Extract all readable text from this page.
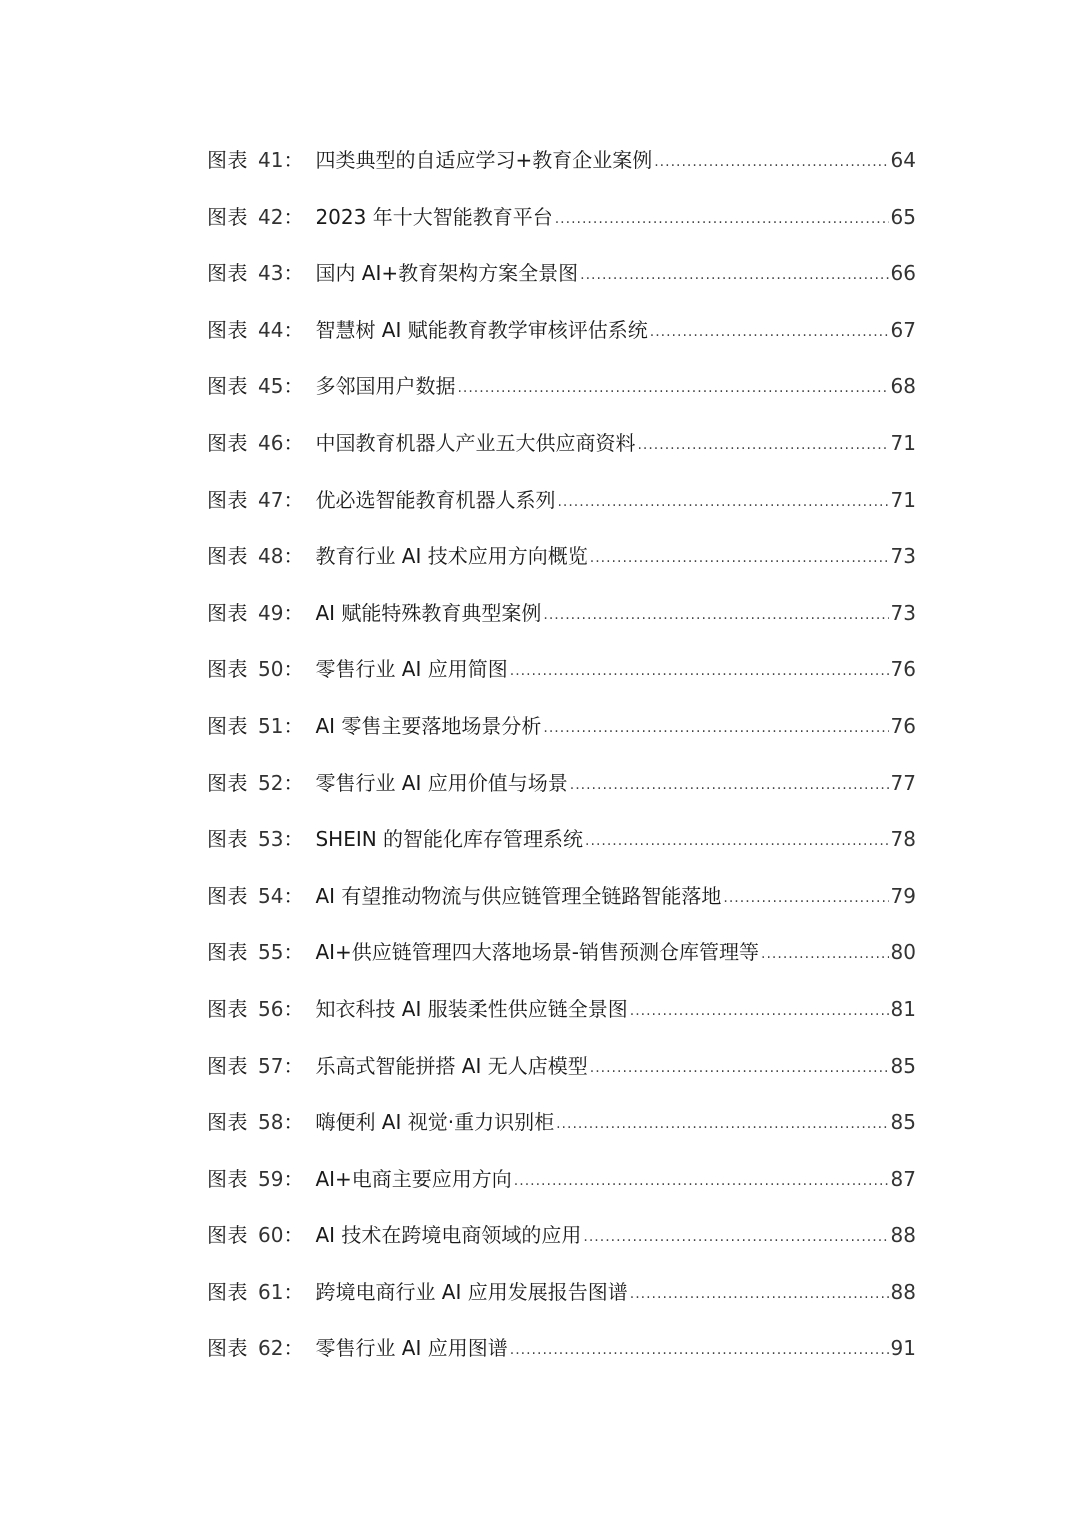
图表 41 ： 四类典型的自适应学习+教育企业案例 .....	64
图表 42 ： 2023 年十大智能教育平台 .....	65
图表 43 ： 国内 AI+教育架构方案全景图 .....	66
图表 44 ： 智慧树 AI 赋能教育教学审核评估系统 .....	67
图表 45 ： 多邻国用户数据 .....	68
图表 46 ： 中国教育机器人产业五大供应商资料 .....	71
图表 47 ： 优必选智能教育机器人系列 .....	71
图表 48 ： 教育行业 AI 技术应用方向概览 .....	73
图表 49 ： AI 赋能特殊教育典型案例 .....	73
图表 50 ： 零售行业 AI 应用简图 .....	76
图表 51 ： AI 零售主要落地场景分析 .....	76
图表 52 ： 零售行业 AI 应用价值与场景 .....	77
图表 53 ： SHEIN 的智能化库存管理系统 .....	78
图表 54 ： AI 有望推动物流与供应链管理全链路智能落地 .....	79
图表 55 ： AI+供应链管理四大落地场景-销售预测仓库管理等 .....	80
图表 56 ： 知衣科技 AI 服装柔性供应链全景图 .....	81
图表 57 ： 乐高式智能拼搭 AI 无人店模型 .....	85
图表 58 ： 嗨便利 AI 视觉·重力识别柜 .....	85
图表 59 ： AI+电商主要应用方向 .....	87
图表 60 ： AI 技术在跨境电商领域的应用 .....	88
图表 61 ： 跨境电商行业 AI 应用发展报告图谱 .....	88
图表 62 ： 零售行业 AI 应用图谱 .....	91
